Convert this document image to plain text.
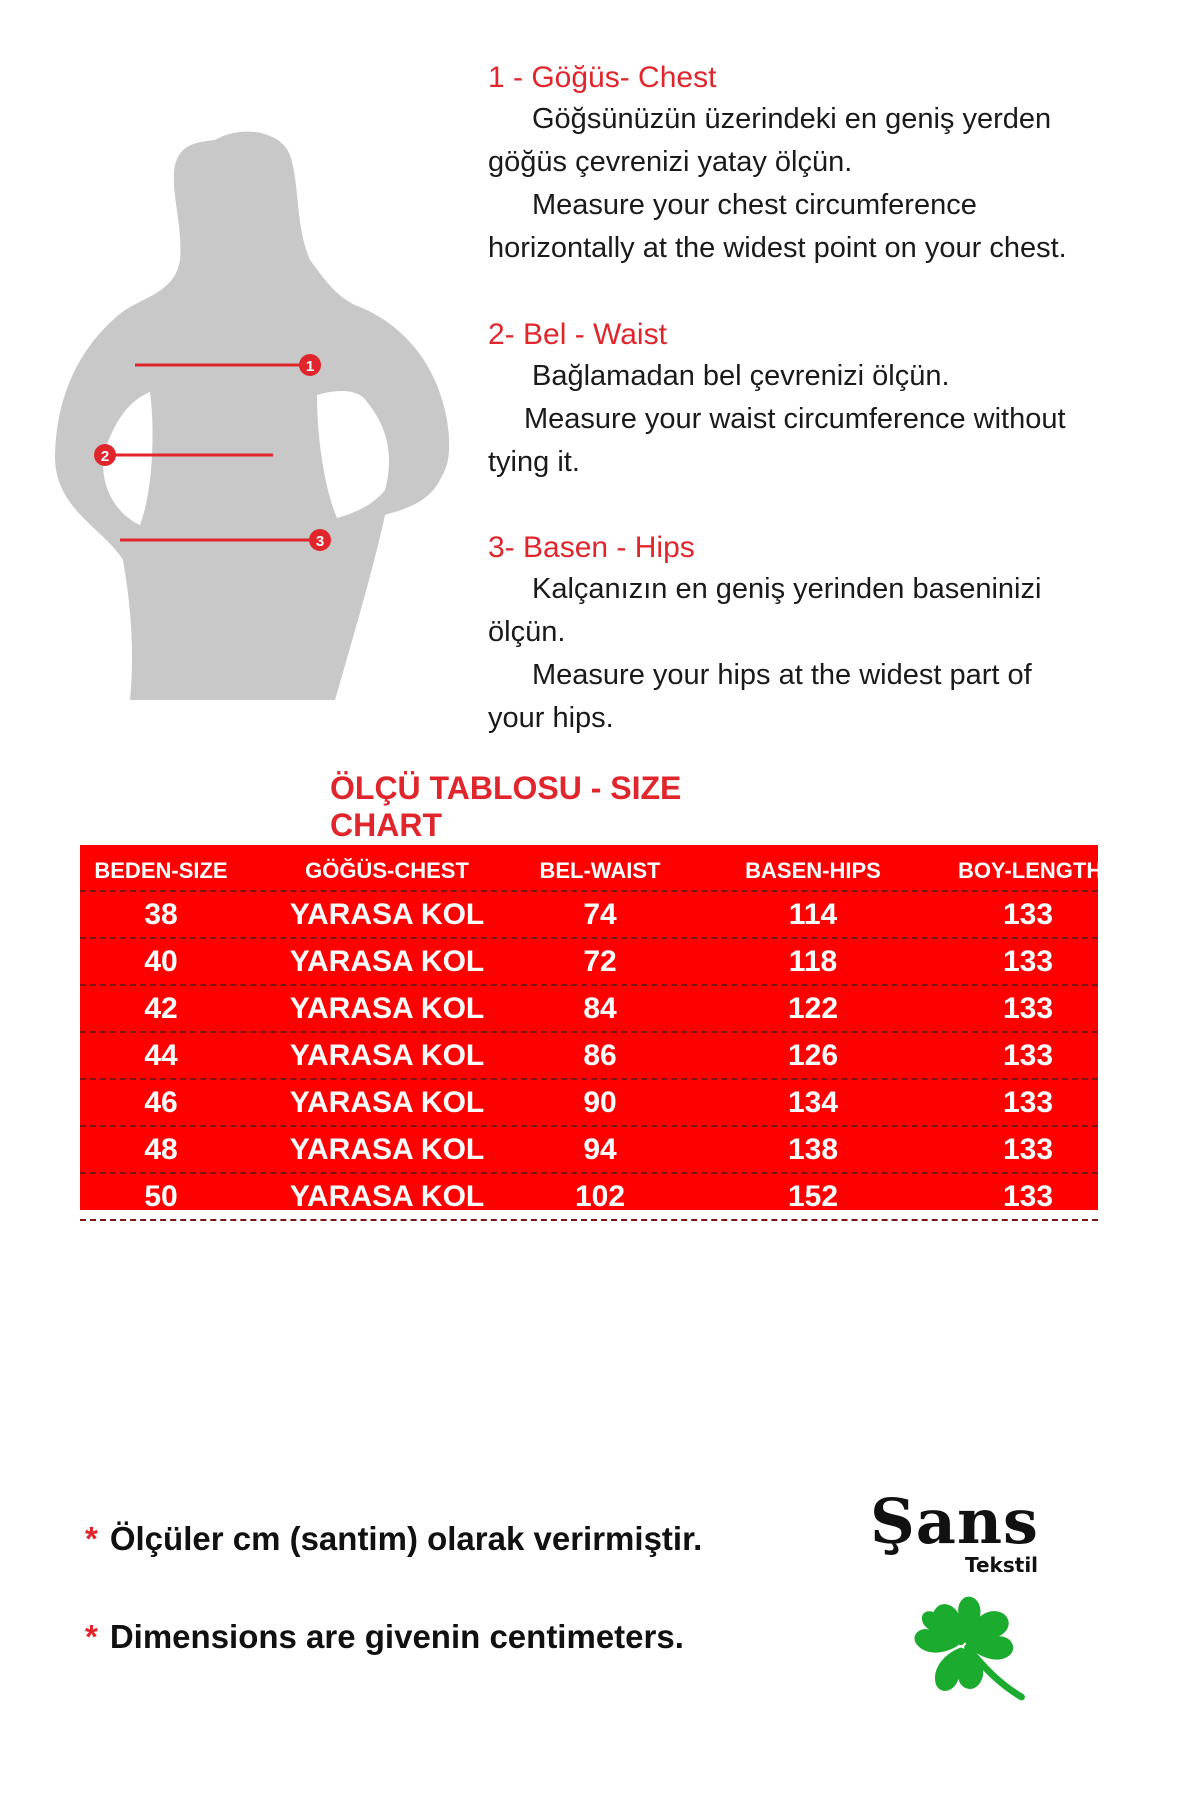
1
2
3

1 - Göğüs- Chest

Göğsünüzün üzerindeki en geniş yerden

göğüs çevrenizi yatay ölçün.

Measure your chest circumference

horizontally at the widest point on your chest.

2- Bel - Waist

Bağlamadan bel çevrenizi ölçün.

Measure your waist circumference without

tying it.

3- Basen - Hips

Kalçanızın en geniş yerinden baseninizi

ölçün.

Measure your hips at the widest part of

your hips.

ÖLÇÜ TABLOSU - SIZE CHART

BEDEN-SIZE	GÖĞÜS-CHEST	BEL-WAIST	BASEN-HIPS	BOY-LENGTH
38	YARASA KOL	74	114	133
40	YARASA KOL	72	118	133
42	YARASA KOL	84	122	133
44	YARASA KOL	86	126	133
46	YARASA KOL	90	134	133
48	YARASA KOL	94	138	133
50	YARASA KOL	102	152	133

* Ölçüler cm (santim) olarak verirmiştir.

* Dimensions are givenin centimeters.

Şans
Tekstil
